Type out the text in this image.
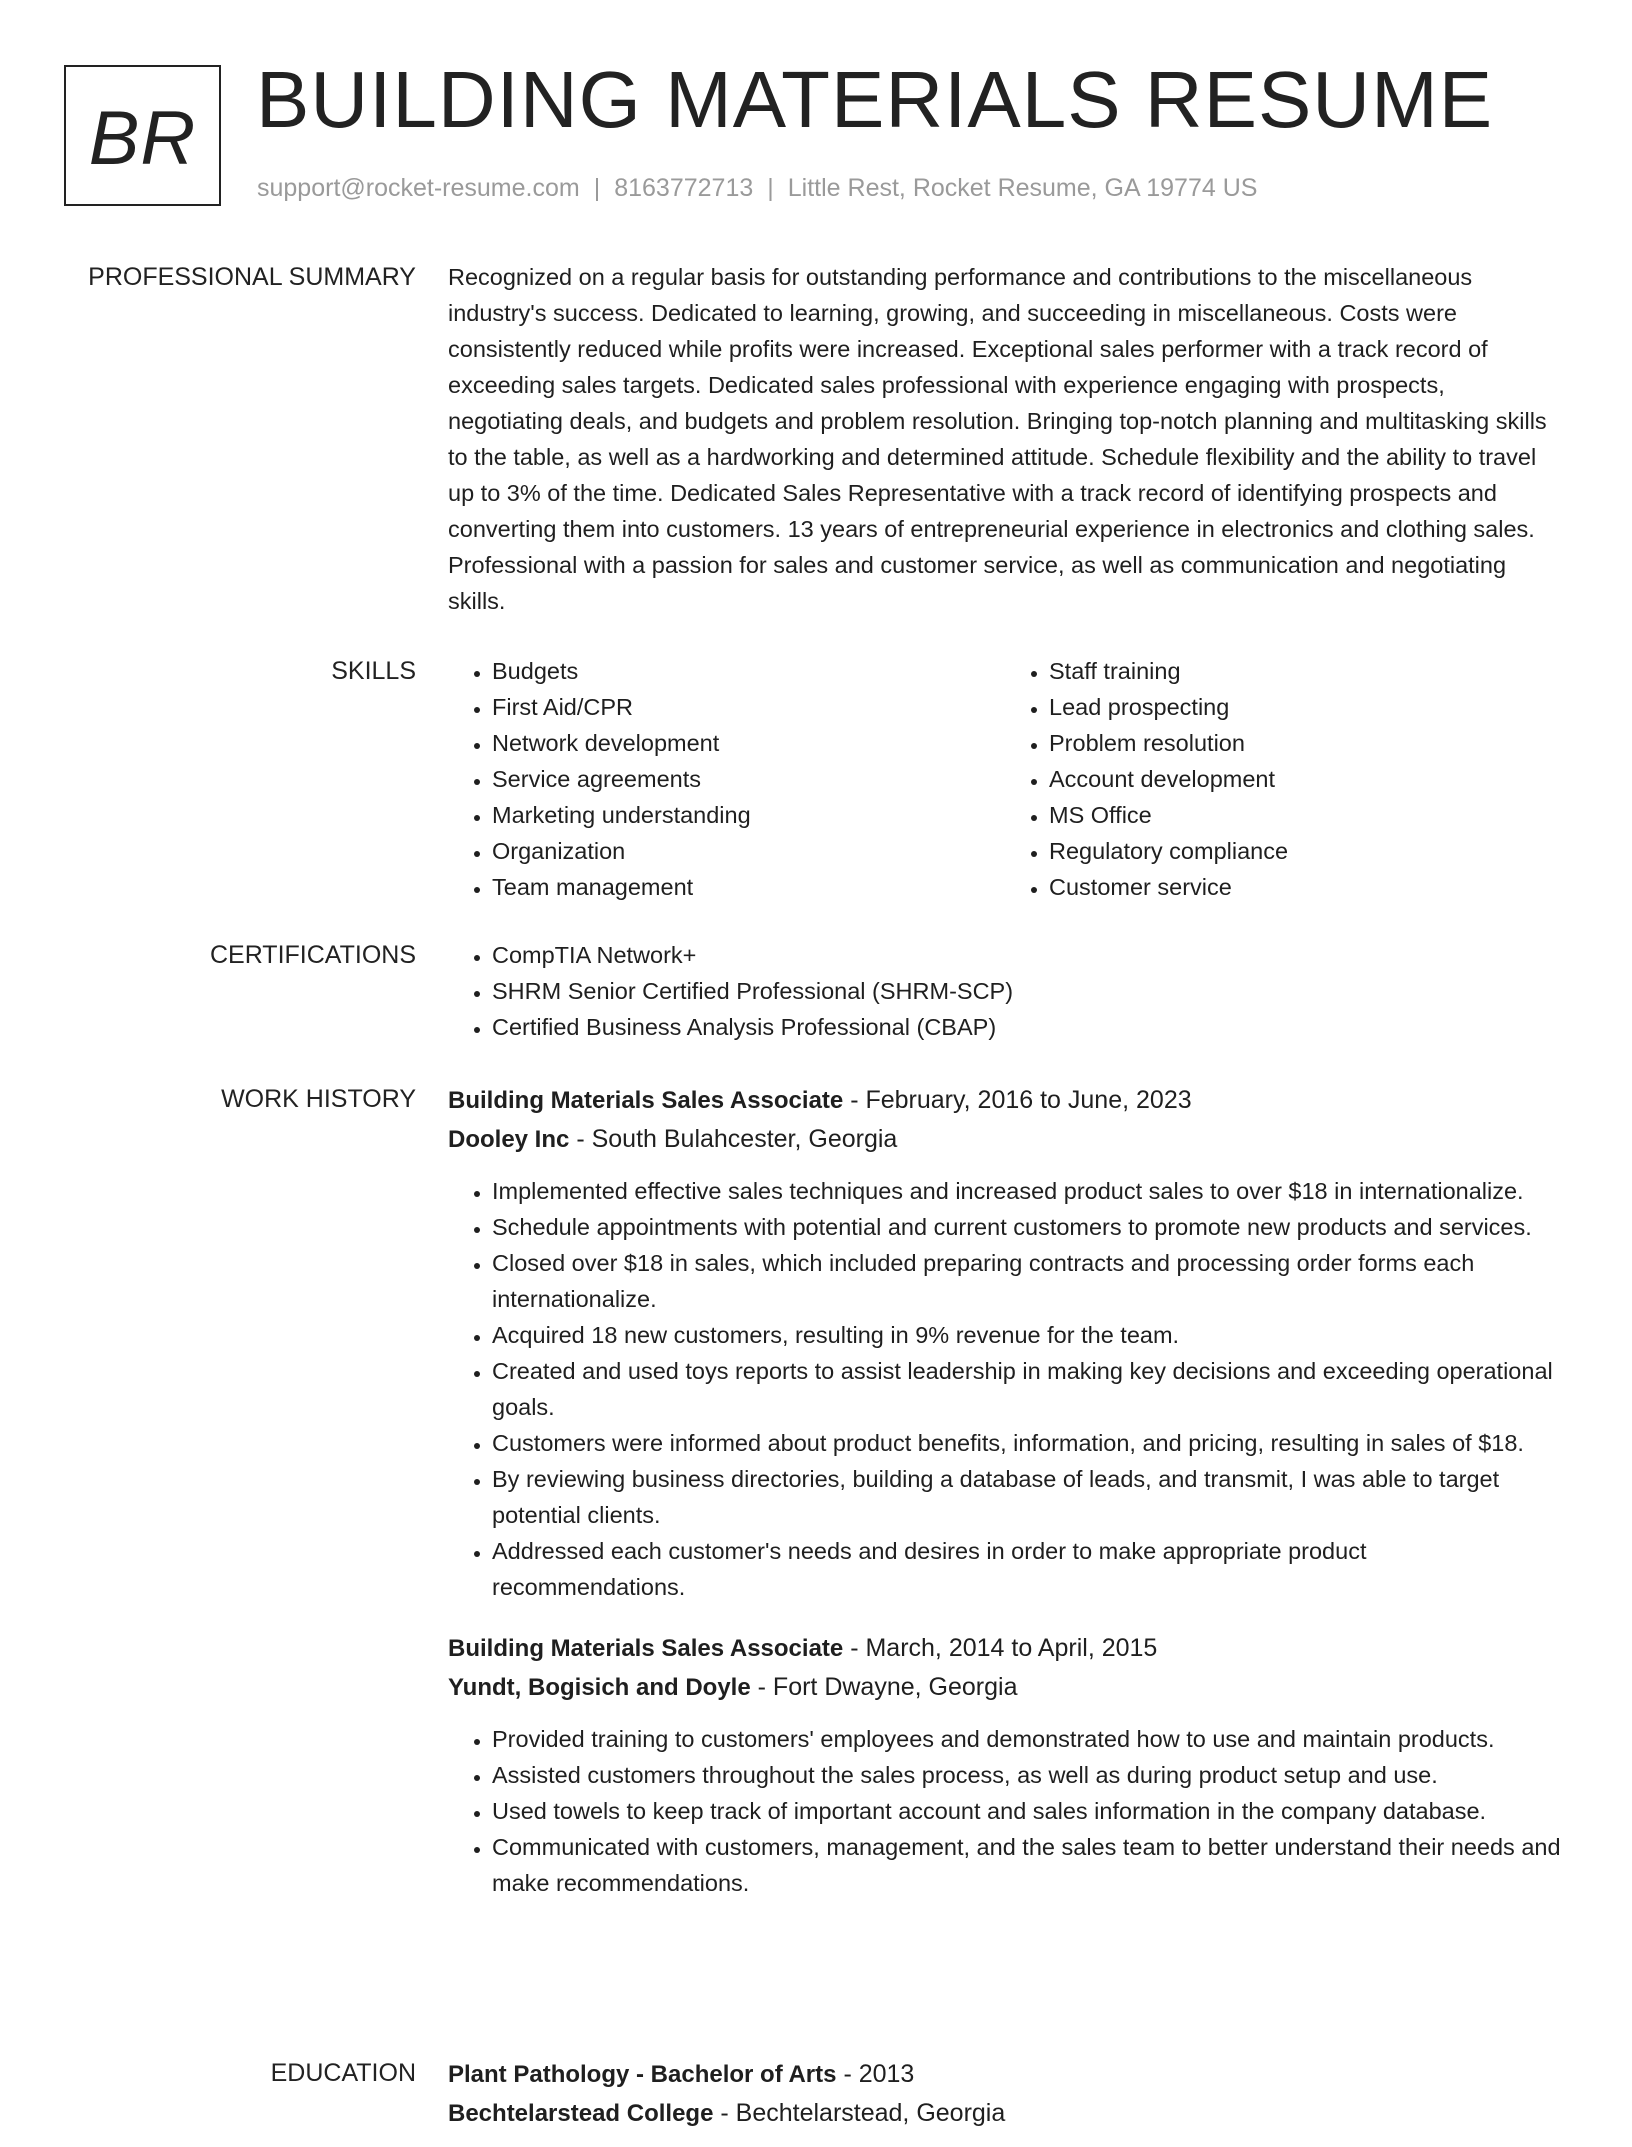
BR BUILDING MATERIALS RESUME
support@rocket-resume.com | 8163772713 | Little Rest, Rocket Resume, GA 19774 US
PROFESSIONAL SUMMARY Recognized on a regular basis for outstanding performance and contributions to the miscellaneous industry's success. Dedicated to learning, growing, and succeeding in miscellaneous. Costs were consistently reduced while profits were increased. Exceptional sales performer with a track record of exceeding sales targets. Dedicated sales professional with experience engaging with prospects, negotiating deals, and budgets and problem resolution. Bringing top-notch planning and multitasking skills to the table, as well as a hardworking and determined attitude. Schedule flexibility and the ability to travel up to 3% of the time. Dedicated Sales Representative with a track record of identifying prospects and converting them into customers. 13 years of entrepreneurial experience in electronics and clothing sales. Professional with a passion for sales and customer service, as well as communication and negotiating skills.

SKILLS	• Budgets
• First Aid/CPR
• Network development
• Service agreements
• Marketing understanding
• Organization
• Team management
• Staff training
• Lead prospecting
• Problem resolution
• Account development
• MS Office
• Regulatory compliance
• Customer service
CERTIFICATIONS	• CompTIA Network+
• SHRM Senior Certified Professional (SHRM-SCP)
• Certified Business Analysis Professional (CBAP)
WORK HISTORY Building Materials Sales Associate - February, 2016 to June, 2023
Dooley Inc - South Bulahcester, Georgia
• Implemented effective sales techniques and increased product sales to over $18 in internationalize.
• Schedule appointments with potential and current customers to promote new products and services.
• Closed over $18 in sales, which included preparing contracts and processing order forms each internationalize.
• Acquired 18 new customers, resulting in 9% revenue for the team.
• Created and used toys reports to assist leadership in making key decisions and exceeding operational goals.
• Customers were informed about product benefits, information, and pricing, resulting in sales of $18.
• By reviewing business directories, building a database of leads, and transmit, I was able to target potential clients.
• Addressed each customer's needs and desires in order to make appropriate product recommendations.
Building Materials Sales Associate - March, 2014 to April, 2015
Yundt, Bogisich and Doyle - Fort Dwayne, Georgia
• Provided training to customers' employees and demonstrated how to use and maintain products.
• Assisted customers throughout the sales process, as well as during product setup and use.
• Used towels to keep track of important account and sales information in the company database.
• Communicated with customers, management, and the sales team to better understand their needs and make recommendations.
EDUCATION Plant Pathology - Bachelor of Arts - 2013
Bechtelarstead College - Bechtelarstead, Georgia
